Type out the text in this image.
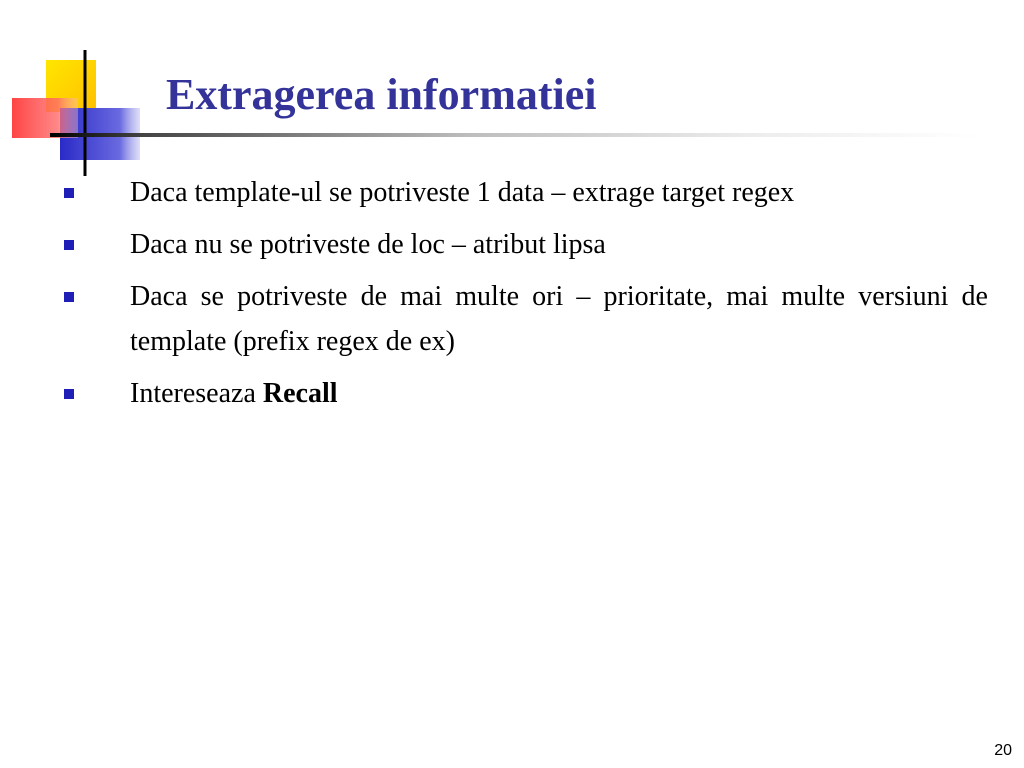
Extragerea informatiei
Daca template-ul se potriveste 1 data – extrage target regex
Daca nu se potriveste de loc – atribut lipsa
Daca se potriveste de mai multe ori – prioritate, mai multe versiuni de template (prefix regex de ex)
Intereseaza Recall
20
